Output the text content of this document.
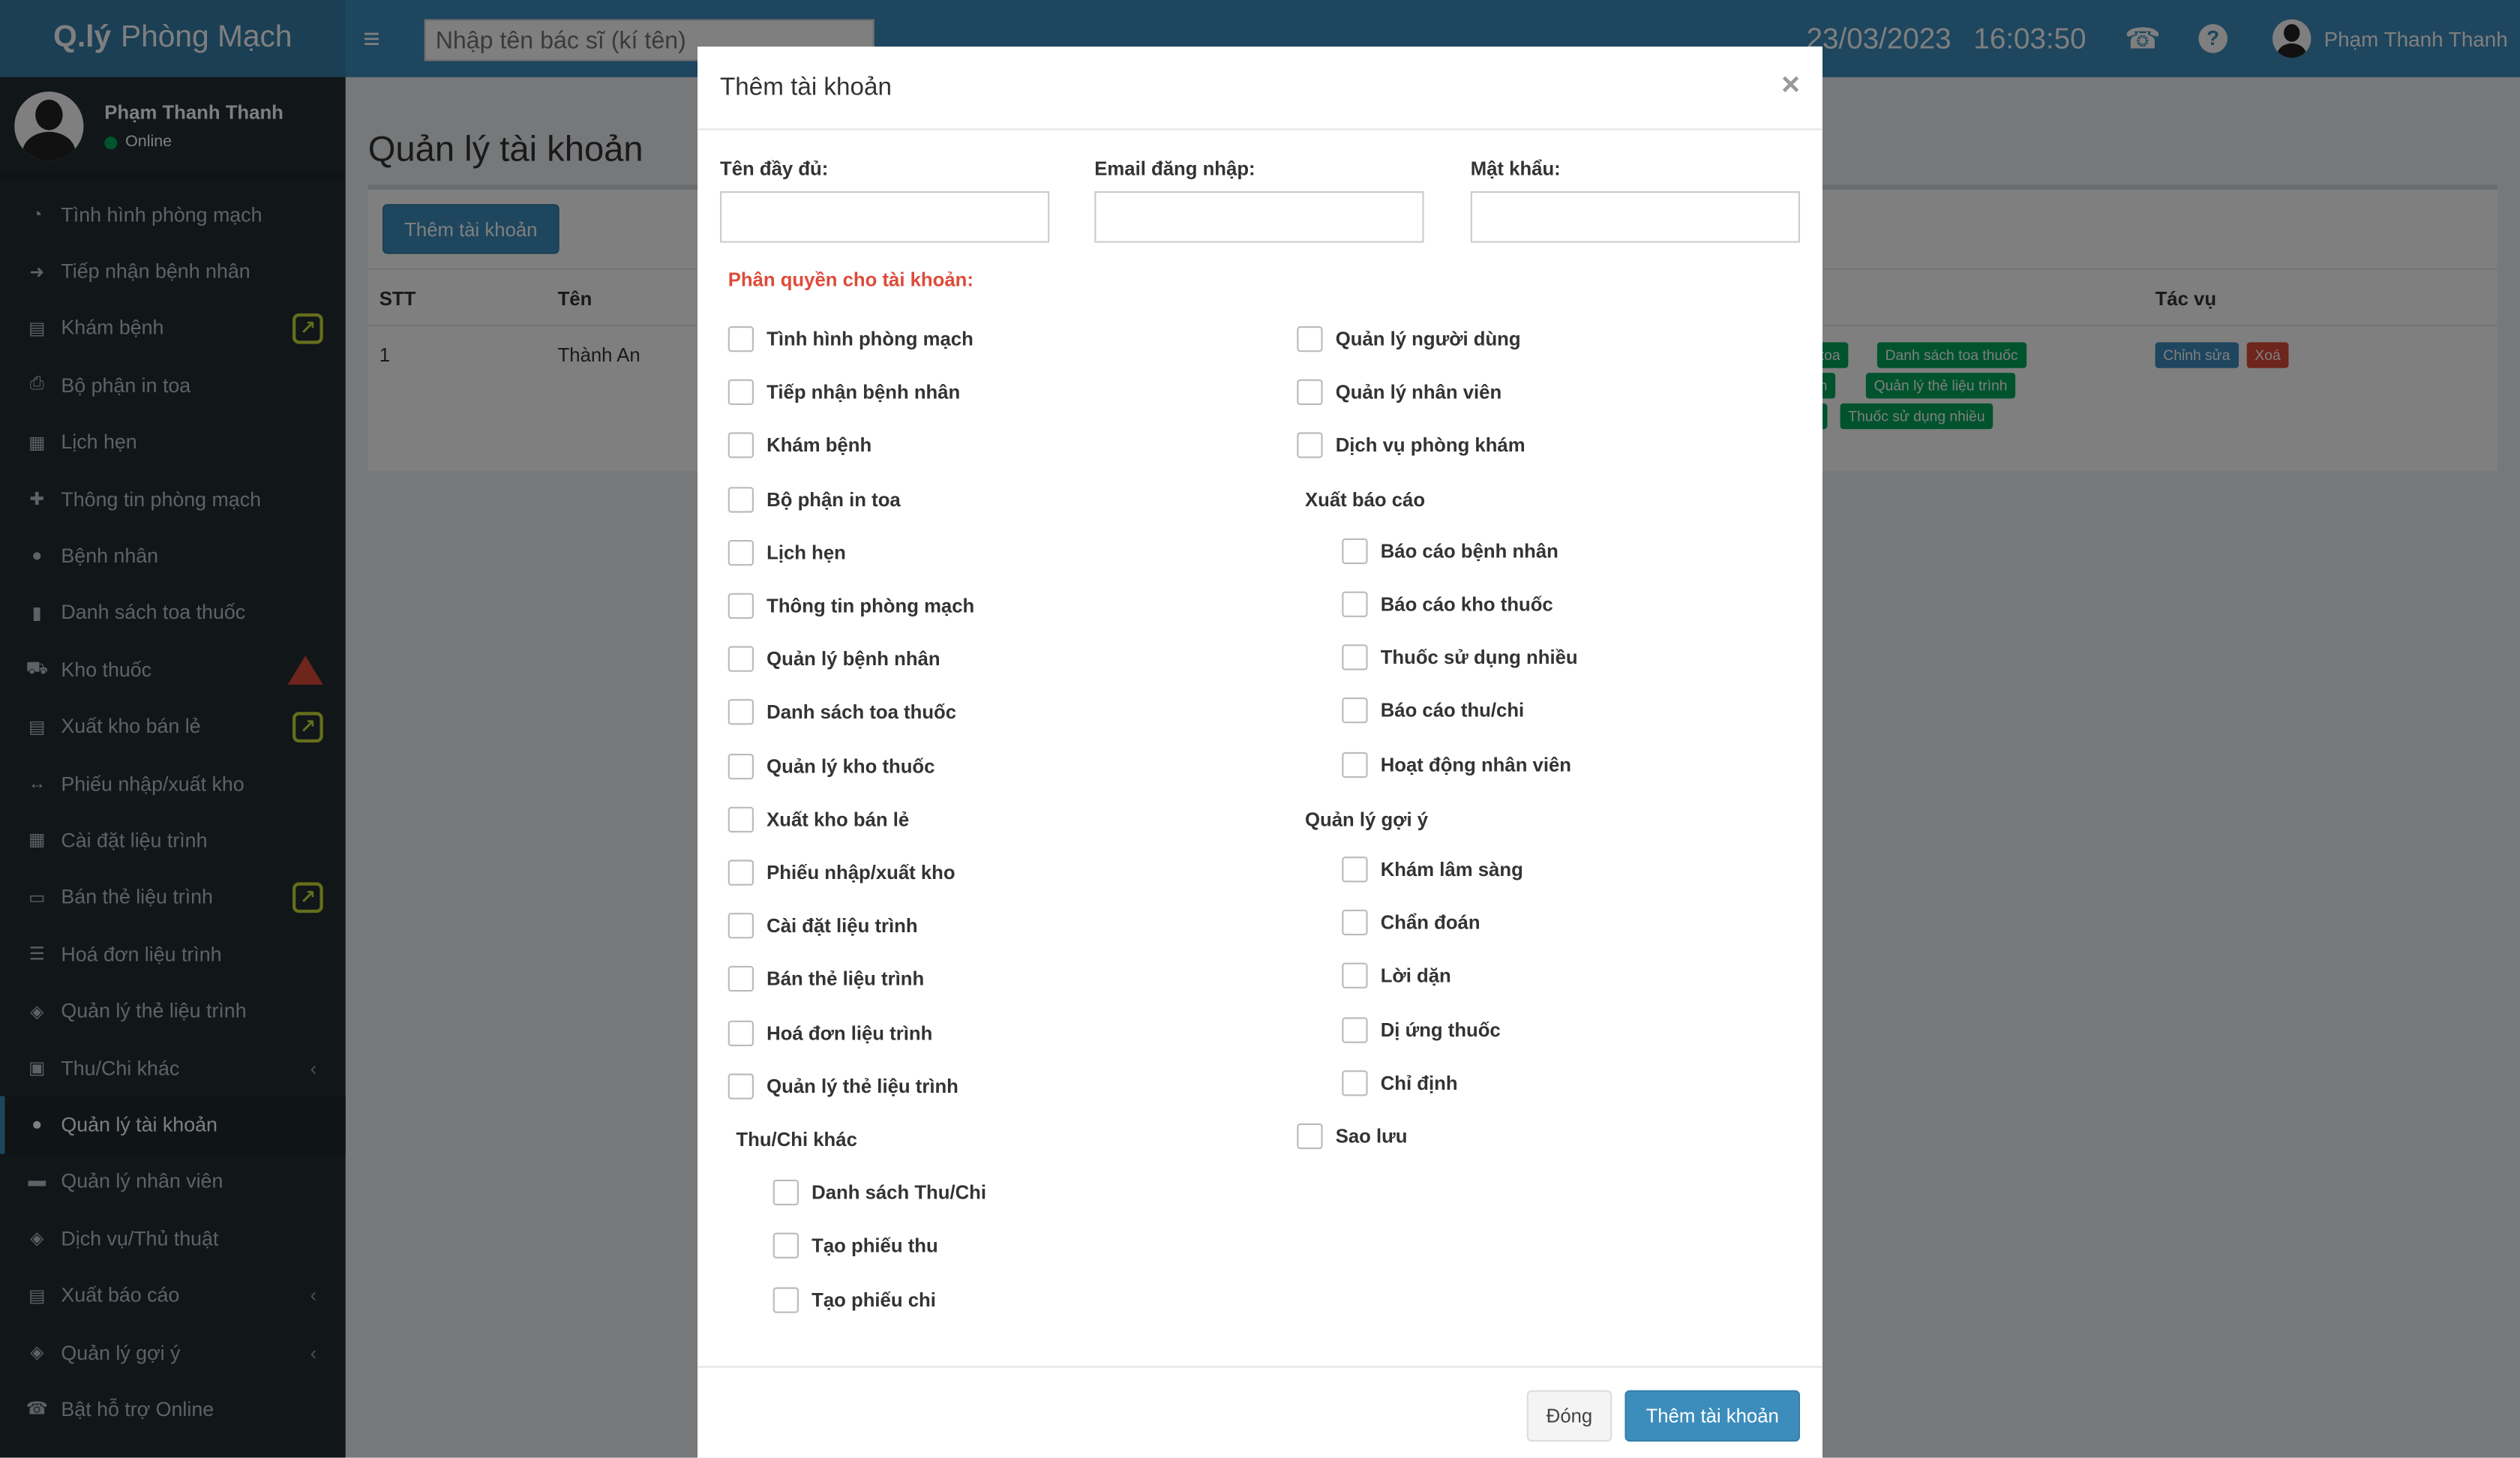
Nhập tên bác sĩ (kí tên)
Thêm tài khoản	×
Tên đầy đủ:	Email đăng nhập:	Mật khẩu:
Phân quyền cho tài khoản:
Tình hình phòng mạch
Tiếp nhận bệnh nhân
Khám bệnh
Bộ phận in toa
Lịch hẹn
Thông tin phòng mạch
Quản lý bệnh nhân
Danh sách toa thuốc
Quản lý kho thuốc
Xuất kho bán lẻ
Phiếu nhập/xuất kho
Cài đặt liệu trình
Bán thẻ liệu trình
Hoá đơn liệu trình
Quản lý thẻ liệu trình
Thu/Chi khác
Danh sách Thu/Chi
Tạo phiếu thu
Tạo phiếu chi
Quản lý người dùng
Quản lý nhân viên
Dịch vụ phòng khám
Xuất báo cáo
Báo cáo bệnh nhân
Báo cáo kho thuốc
Thuốc sử dụng nhiều
Báo cáo thu/chi
Hoạt động nhân viên
Quản lý gợi ý
Khám lâm sàng
Chẩn đoán
Lời dặn
Dị ứng thuốc
Chỉ định
Sao lưu
Đóng	Thêm tài khoản
